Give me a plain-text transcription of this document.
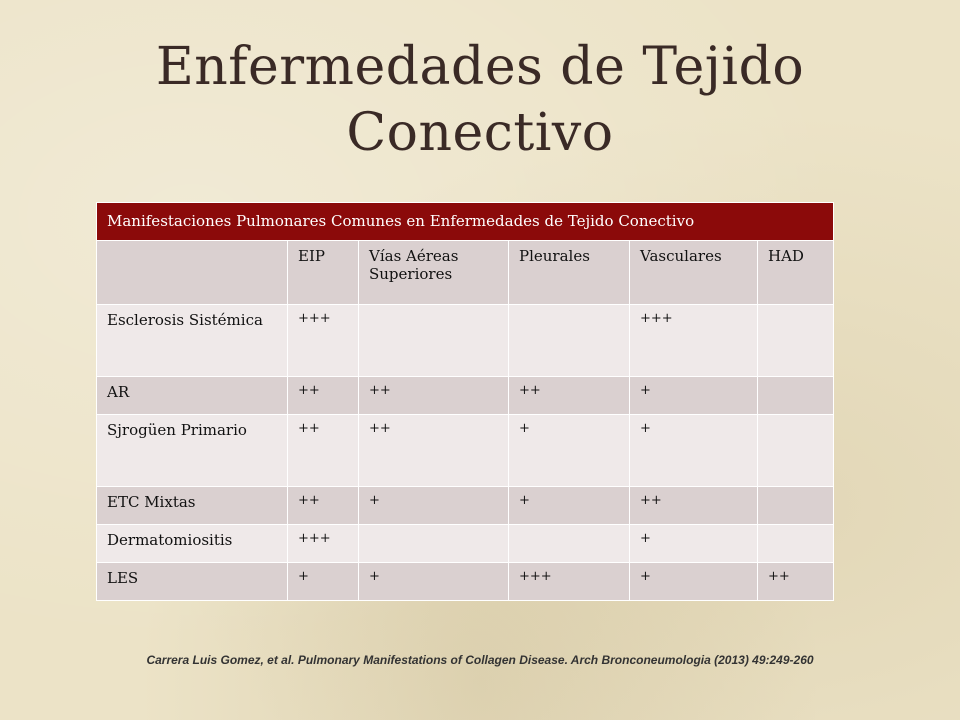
Enfermedades de Tejido
Conectivo
Manifestaciones Pulmonares Comunes en Enfermedades de Tejido Conectivo					
	EIP	Vías Aéreas Superiores	Pleurales	Vasculares	HAD
Esclerosis Sistémica	+++			+++	
AR	++	++	++	+	
Sjrogüen Primario	++	++	+	+	
ETC Mixtas	++	+	+	++	
Dermatomiositis	+++			+	
LES	+	+	+++	+	++
Carrera Luis Gomez, et al. Pulmonary Manifestations of Collagen Disease. Arch Bronconeumologia (2013) 49:249-260
